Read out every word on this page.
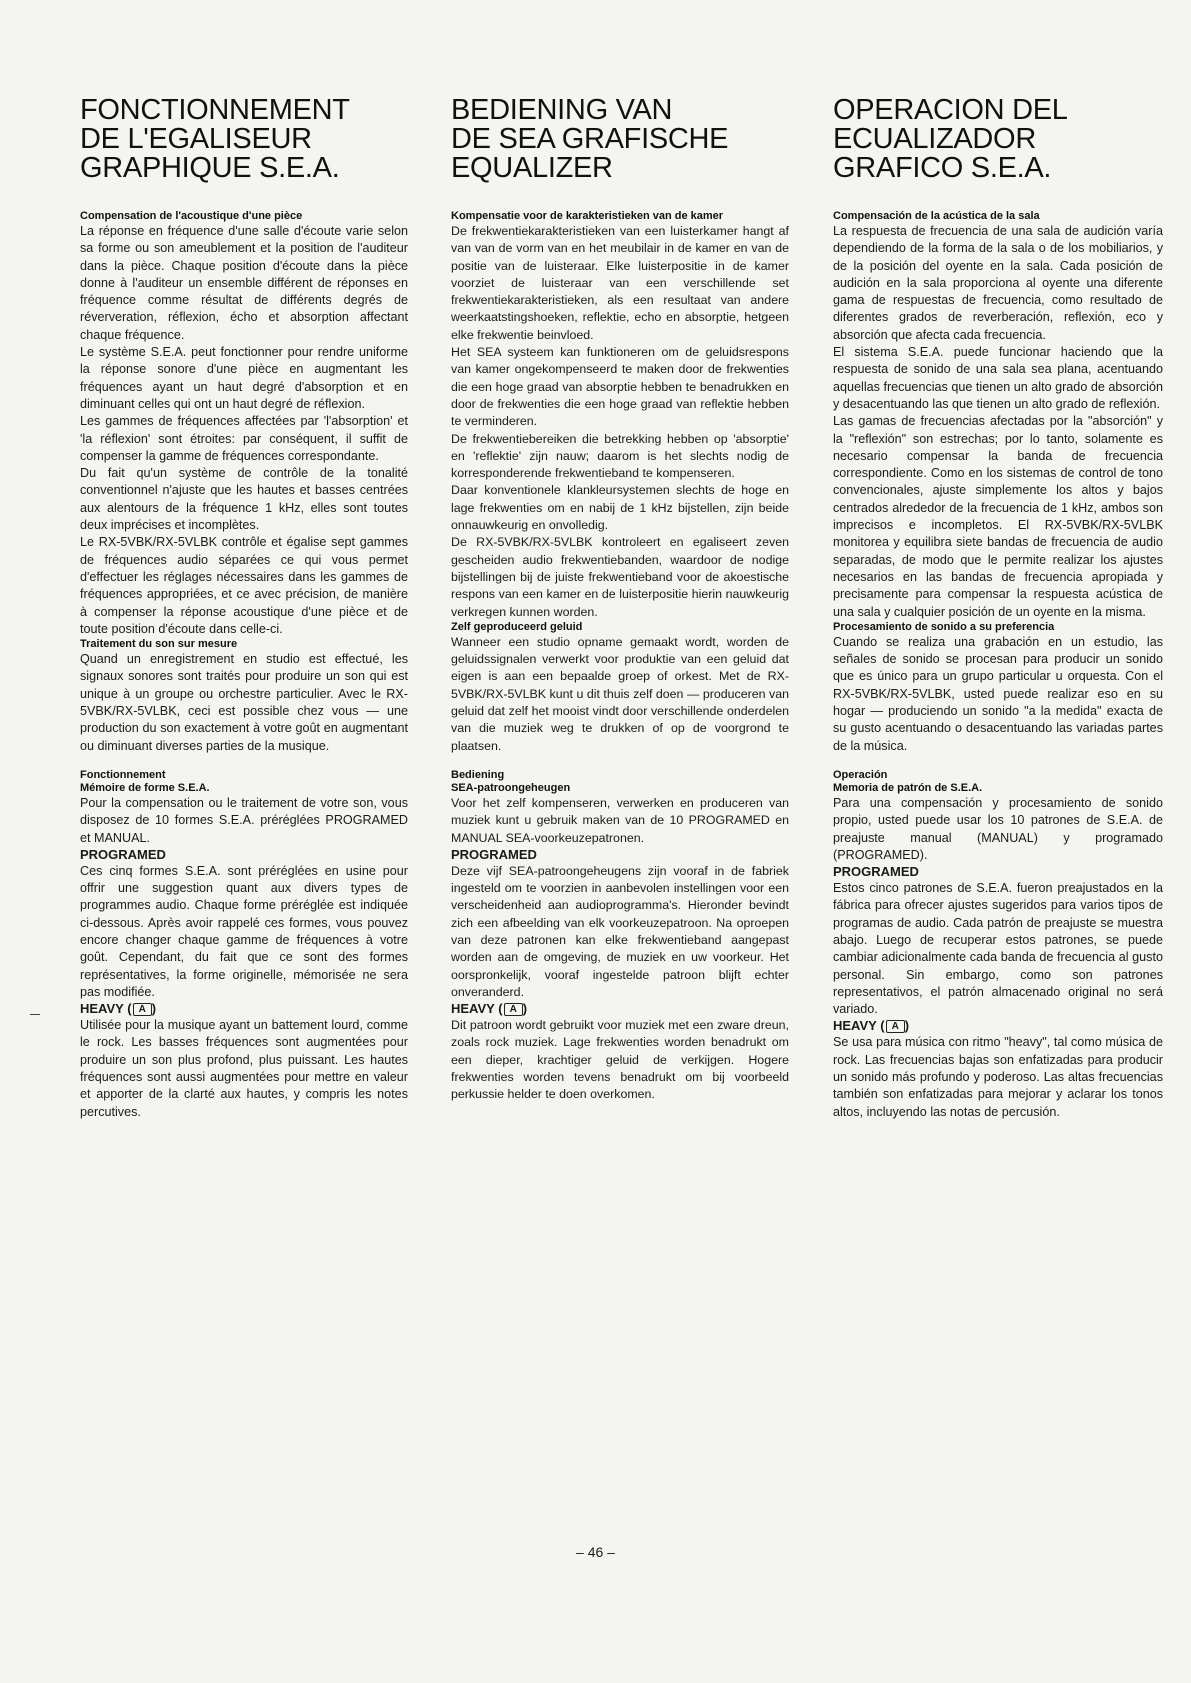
FONCTIONNEMENT
DE L'EGALISEUR
GRAPHIQUE S.E.A.
Compensation de l'acoustique d'une pièce

La réponse en fréquence d'une salle d'écoute varie selon sa forme ou son ameublement et la position de l'auditeur dans la pièce. Chaque position d'écoute dans la pièce donne à l'auditeur un ensemble différent de réponses en fréquence comme résultat de différents degrés de réververation, réflexion, écho et absorption affectant chaque fréquence.

Le système S.E.A. peut fonctionner pour rendre uniforme la réponse sonore d'une pièce en augmentant les fréquences ayant un haut degré d'absorption et en diminuant celles qui ont un haut degré de réflexion.

Les gammes de fréquences affectées par 'l'absorption' et 'la réflexion' sont étroites: par conséquent, il suffit de compenser la gamme de fréquences correspondante.

Du fait qu'un système de contrôle de la tonalité conventionnel n'ajuste que les hautes et basses centrées aux alentours de la fréquence 1 kHz, elles sont toutes deux imprécises et incomplètes.

Le RX-5VBK/RX-5VLBK contrôle et égalise sept gammes de fréquences audio séparées ce qui vous permet d'effectuer les réglages nécessaires dans les gammes de fréquences appropriées, et ce avec précision, de manière à compenser la réponse acoustique d'une pièce et de toute position d'écoute dans celle-ci.

Traitement du son sur mesure

Quand un enregistrement en studio est effectué, les signaux sonores sont traités pour produire un son qui est unique à un groupe ou orchestre particulier. Avec le RX-5VBK/RX-5VLBK, ceci est possible chez vous — une production du son exactement à votre goût en augmentant ou diminuant diverses parties de la musique.

Fonctionnement
Mémoire de forme S.E.A.

Pour la compensation ou le traitement de votre son, vous disposez de 10 formes S.E.A. préréglées PROGRAMED et MANUAL.

PROGRAMED

Ces cinq formes S.E.A. sont préréglées en usine pour offrir une suggestion quant aux divers types de programmes audio. Chaque forme préréglée est indiquée ci-dessous. Après avoir rappelé ces formes, vous pouvez encore changer chaque gamme de fréquences à votre goût. Cependant, du fait que ce sont des formes représentatives, la forme originelle, mémorisée ne sera pas modifiée.

HEAVY ( A )

Utilisée pour la musique ayant un battement lourd, comme le rock. Les basses fréquences sont augmentées pour produire un son plus profond, plus puissant. Les hautes fréquences sont aussi augmentées pour mettre en valeur et apporter de la clarté aux hautes, y compris les notes percutives.

BEDIENING VAN
DE SEA GRAFISCHE
EQUALIZER
Kompensatie voor de karakteristieken van de kamer

De frekwentiekarakteristieken van een luisterkamer hangt af van van de vorm van en het meubilair in de kamer en van de positie van de luisteraar. Elke luisterpositie in de kamer voorziet de luisteraar van een verschillende set frekwentiekarakteristieken, als een resultaat van andere weerkaatstingshoeken, reflektie, echo en absorptie, hetgeen elke frekwentie beinvloed.

Het SEA systeem kan funktioneren om de geluidsrespons van kamer ongekompenseerd te maken door de frekwenties die een hoge graad van absorptie hebben te benadrukken en door de frekwenties die een hoge graad van reflektie hebben te verminderen.

De frekwentiebereiken die betrekking hebben op 'absorptie' en 'reflektie' zijn nauw; daarom is het slechts nodig de korresponderende frekwentieband te kompenseren.

Daar konventionele klankleursystemen slechts de hoge en lage frekwenties om en nabij de 1 kHz bijstellen, zijn beide onnauwkeurig en onvolledig.

De RX-5VBK/RX-5VLBK kontroleert en egaliseert zeven gescheiden audio frekwentiebanden, waardoor de nodige bijstellingen bij de juiste frekwentieband voor de akoestische respons van een kamer en de luisterpositie hierin nauwkeurig verkregen kunnen worden.

Zelf geproduceerd geluid

Wanneer een studio opname gemaakt wordt, worden de geluidssignalen verwerkt voor produktie van een geluid dat eigen is aan een bepaalde groep of orkest. Met de RX-5VBK/RX-5VLBK kunt u dit thuis zelf doen — produceren van geluid dat zelf het mooist vindt door verschillende onderdelen van die muziek weg te drukken of op de voorgrond te plaatsen.

Bediening
SEA-patroongeheugen

Voor het zelf kompenseren, verwerken en produceren van muziek kunt u gebruik maken van de 10 PROGRAMED en MANUAL SEA-voorkeuzepatronen.

PROGRAMED

Deze vijf SEA-patroongeheugens zijn vooraf in de fabriek ingesteld om te voorzien in aanbevolen instellingen voor een verscheidenheid aan audioprogramma's. Hieronder bevindt zich een afbeelding van elk voorkeuzepatroon. Na oproepen van deze patronen kan elke frekwentieband aangepast worden aan de omgeving, de muziek en uw voorkeur. Het oorspronkelijk, vooraf ingestelde patroon blijft echter onveranderd.

HEAVY ( A )

Dit patroon wordt gebruikt voor muziek met een zware dreun, zoals rock muziek. Lage frekwenties worden benadrukt om een dieper, krachtiger geluid de verkijgen. Hogere frekwenties worden tevens benadrukt om bij voorbeeld perkussie helder te doen overkomen.

OPERACION DEL
ECUALIZADOR
GRAFICO S.E.A.
Compensación de la acústica de la sala

La respuesta de frecuencia de una sala de audición varía dependiendo de la forma de la sala o de los mobiliarios, y de la posición del oyente en la sala. Cada posición de audición en la sala proporciona al oyente una diferente gama de respuestas de frecuencia, como resultado de diferentes grados de reverberación, reflexión, eco y absorción que afecta cada frecuencia.

El sistema S.E.A. puede funcionar haciendo que la respuesta de sonido de una sala sea plana, acentuando aquellas frecuencias que tienen un alto grado de absorción y desacentuando las que tienen un alto grado de reflexión.

Las gamas de frecuencias afectadas por la "absorción" y la "reflexión" son estrechas; por lo tanto, solamente es necesario compensar la banda de frecuencia correspondiente. Como en los sistemas de control de tono convencionales, ajuste simplemente los altos y bajos centrados alrededor de la frecuencia de 1 kHz, ambos son imprecisos e incompletos. El RX-5VBK/RX-5VLBK monitorea y equilibra siete bandas de frecuencia de audio separadas, de modo que le permite realizar los ajustes necesarios en las bandas de frecuencia apropiada y precisamente para compensar la respuesta acústica de una sala y cualquier posición de un oyente en la misma.

Procesamiento de sonido a su preferencia

Cuando se realiza una grabación en un estudio, las señales de sonido se procesan para producir un sonido que es único para un grupo particular u orquesta. Con el RX-5VBK/RX-5VLBK, usted puede realizar eso en su hogar — produciendo un sonido "a la medida" exacta de su gusto acentuando o desacentuando las variadas partes de la música.

Operación
Memoria de patrón de S.E.A.

Para una compensación y procesamiento de sonido propio, usted puede usar los 10 patrones de S.E.A. de preajuste manual (MANUAL) y programado (PROGRAMED).

PROGRAMED

Estos cinco patrones de S.E.A. fueron preajustados en la fábrica para ofrecer ajustes sugeridos para varios tipos de programas de audio. Cada patrón de preajuste se muestra abajo. Luego de recuperar estos patrones, se puede cambiar adicionalmente cada banda de frecuencia al gusto personal. Sin embargo, como son patrones representativos, el patrón almacenado original no será variado.

HEAVY ( A )

Se usa para música con ritmo "heavy", tal como música de rock. Las frecuencias bajas son enfatizadas para producir un sonido más profundo y poderoso. Las altas frecuencias también son enfatizadas para mejorar y aclarar los tonos altos, incluyendo las notas de percusión.

– 46 –
